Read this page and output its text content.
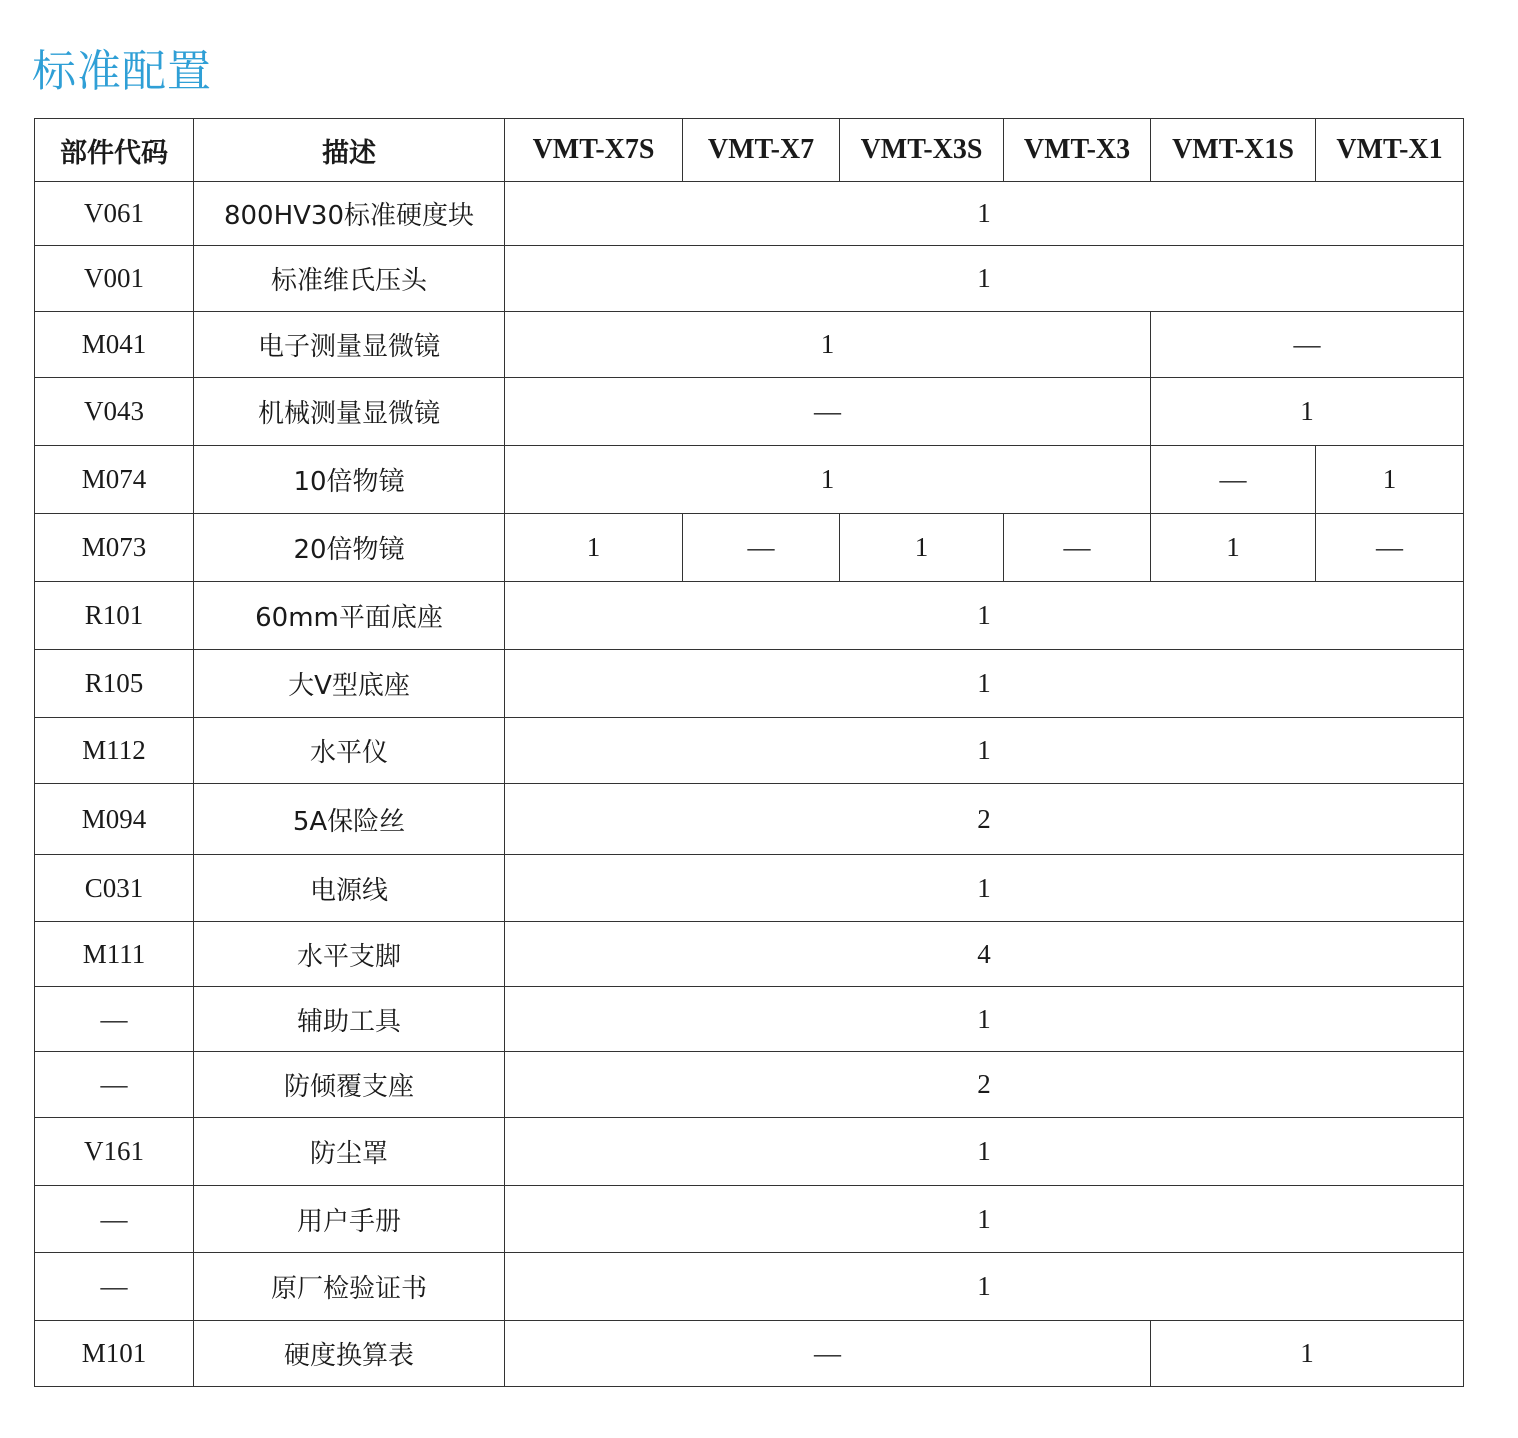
标准配置
部件代码	描述	VMT-X7S	VMT-X7	VMT-X3S	VMT-X3	VMT-X1S	VMT-X1
V061	800HV30标准硬度块	1					
V001	标准维氏压头	1					
M041	电子测量显微镜	1				—	
V043	机械测量显微镜	—				1	
M074	10倍物镜	1				—	1
M073	20倍物镜	1	—	1	—	1	—
R101	60mm平面底座	1					
R105	大V型底座	1					
M112	水平仪	1					
M094	5A保险丝	2					
C031	电源线	1					
M111	水平支脚	4					
—	辅助工具	1					
—	防倾覆支座	2					
V161	防尘罩	1					
—	用户手册	1					
—	原厂检验证书	1					
M101	硬度换算表	—				1	
